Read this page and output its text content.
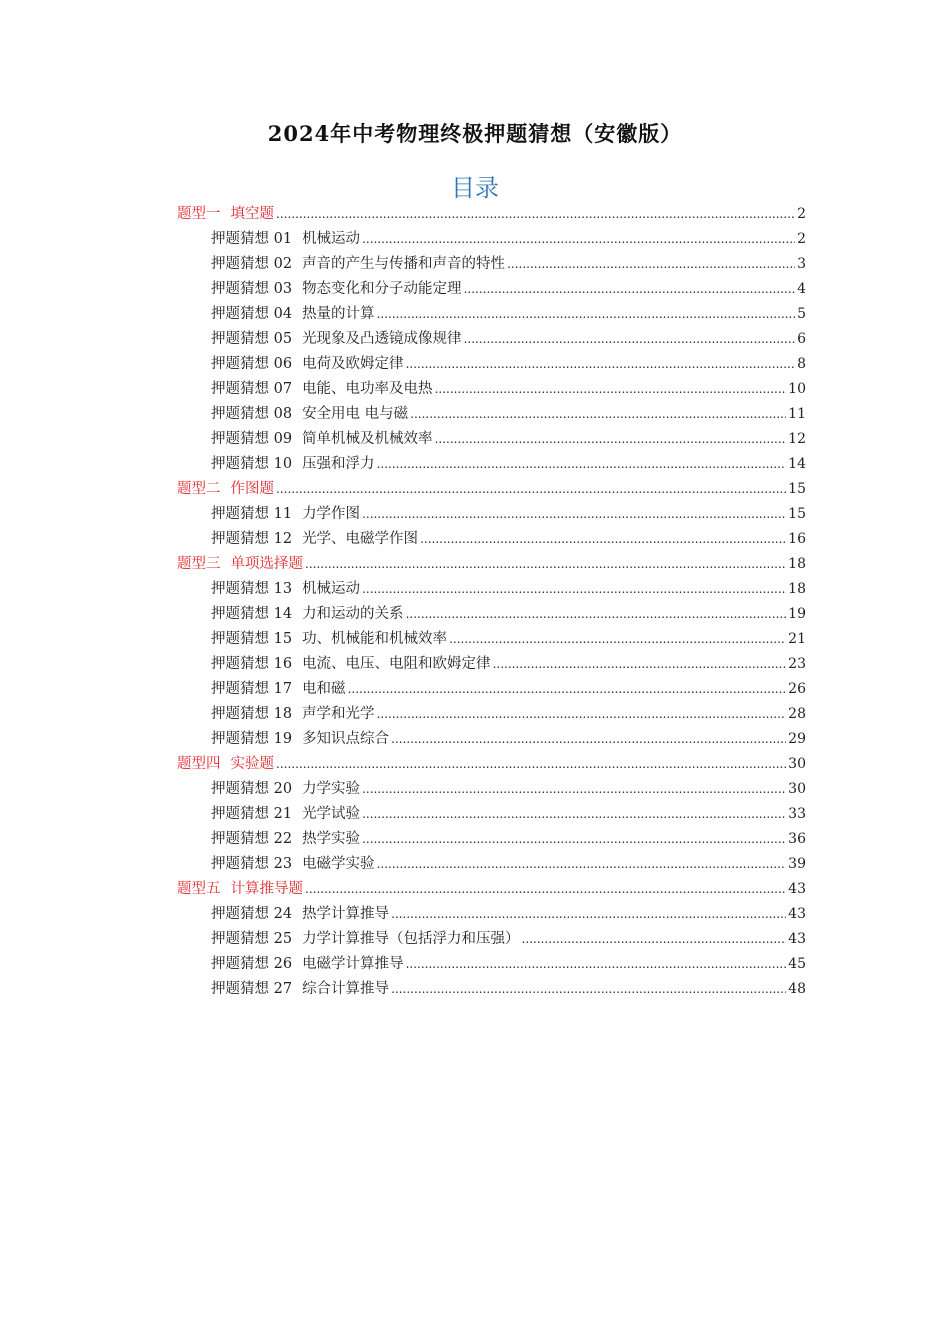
2024年中考物理终极押题猜想（安徽版）
目录
题型一 填空题 .....	2
押题猜想 01 机械运动 .....	2
押题猜想 02 声音的产生与传播和声音的特性 .....	3
押题猜想 03 物态变化和分子动能定理 .....	4
押题猜想 04 热量的计算 .....	5
押题猜想 05 光现象及凸透镜成像规律 .....	6
押题猜想 06 电荷及欧姆定律 .....	8
押题猜想 07 电能、电功率及电热 .....	10
押题猜想 08 安全用电 电与磁 .....	11
押题猜想 09 简单机械及机械效率 .....	12
押题猜想 10 压强和浮力 .....	14
题型二 作图题 .....	15
押题猜想 11 力学作图 .....	15
押题猜想 12 光学、电磁学作图 .....	16
题型三 单项选择题 .....	18
押题猜想 13 机械运动 .....	18
押题猜想 14 力和运动的关系 .....	19
押题猜想 15 功、机械能和机械效率 .....	21
押题猜想 16 电流、电压、电阻和欧姆定律 .....	23
押题猜想 17 电和磁 .....	26
押题猜想 18 声学和光学 .....	28
押题猜想 19 多知识点综合 .....	29
题型四 实验题 .....	30
押题猜想 20 力学实验 .....	30
押题猜想 21 光学试验 .....	33
押题猜想 22 热学实验 .....	36
押题猜想 23 电磁学实验 .....	39
题型五 计算推导题 .....	43
押题猜想 24 热学计算推导 .....	43
押题猜想 25 力学计算推导（包括浮力和压强） .....	43
押题猜想 26 电磁学计算推导 .....	45
押题猜想 27 综合计算推导 .....	48
